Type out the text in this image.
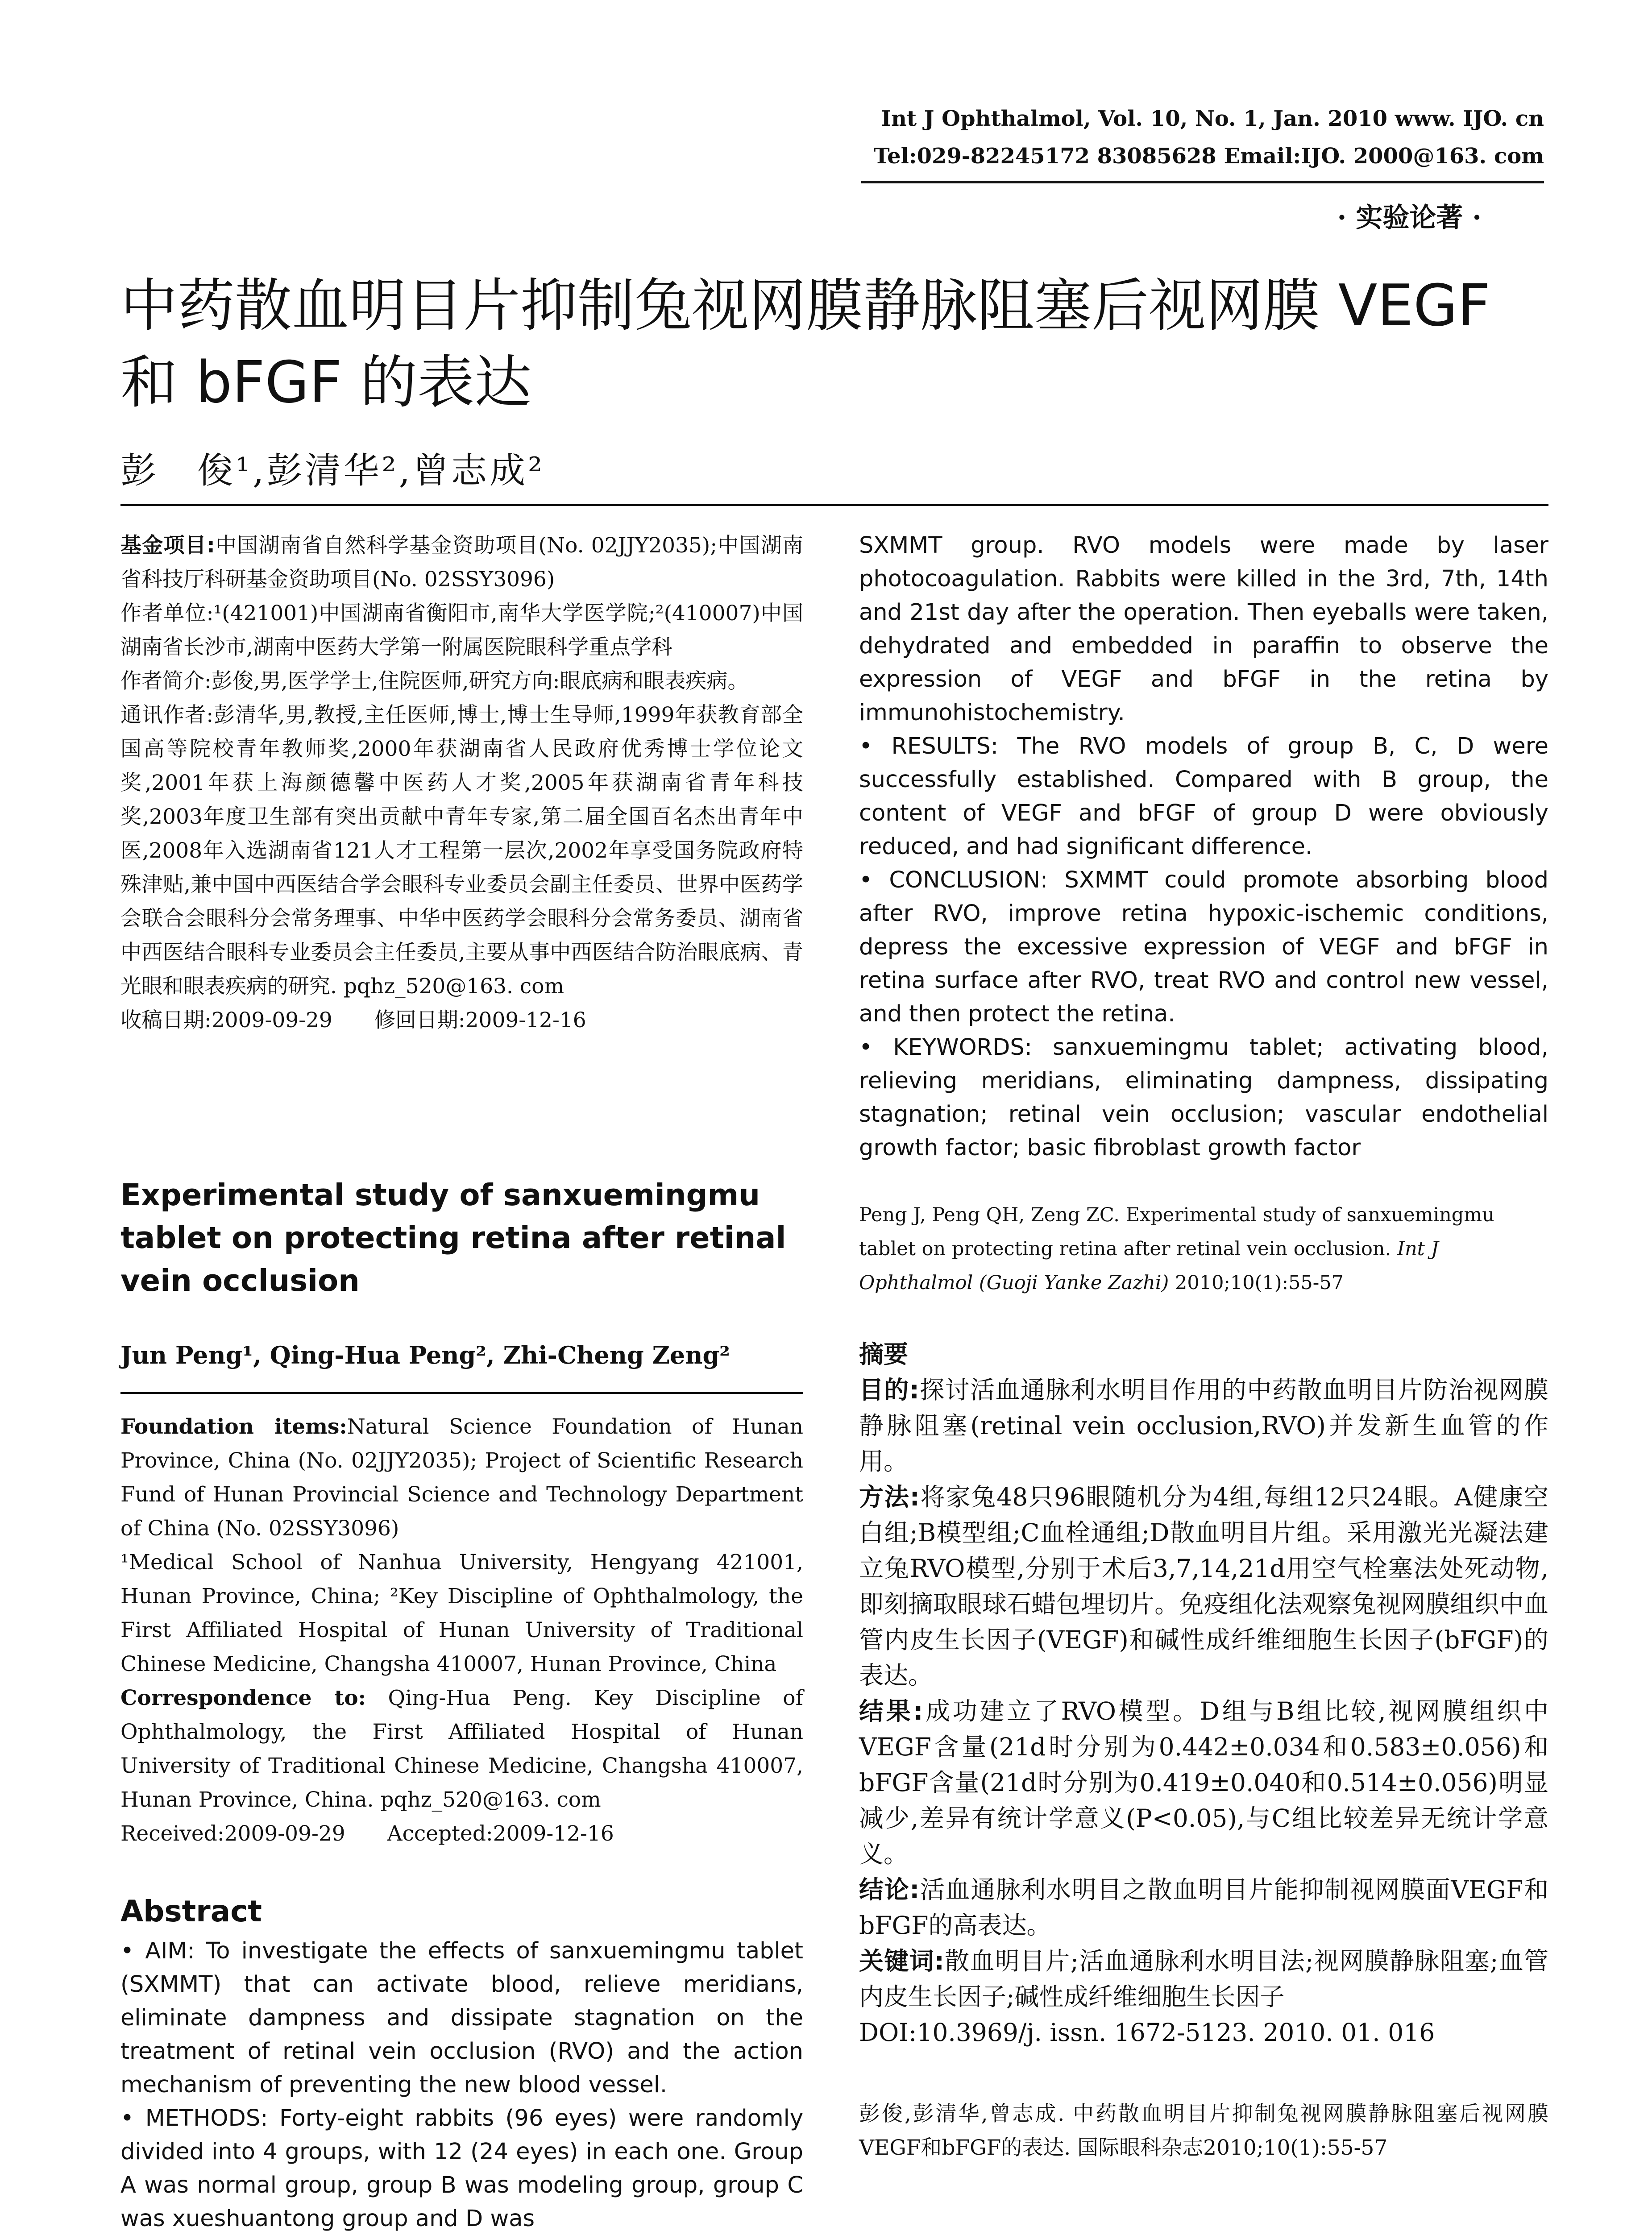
Int J Ophthalmol, Vol. 10, No. 1, Jan. 2010 www. IJO. cn
Tel:029-82245172 83085628 Email:IJO. 2000@163. com
· 实验论著 ·
中药散血明目片抑制兔视网膜静脉阻塞后视网膜 VEGF 和 bFGF 的表达
彭　俊¹,彭清华²,曾志成²

基金项目:中国湖南省自然科学基金资助项目(No. 02JJY2035);中国湖南省科技厅科研基金资助项目(No. 02SSY3096)

作者单位:¹(421001)中国湖南省衡阳市,南华大学医学院;²(410007)中国湖南省长沙市,湖南中医药大学第一附属医院眼科学重点学科

作者简介:彭俊,男,医学学士,住院医师,研究方向:眼底病和眼表疾病。

通讯作者:彭清华,男,教授,主任医师,博士,博士生导师,1999年获教育部全国高等院校青年教师奖,2000年获湖南省人民政府优秀博士学位论文奖,2001年获上海颜德馨中医药人才奖,2005年获湖南省青年科技奖,2003年度卫生部有突出贡献中青年专家,第二届全国百名杰出青年中医,2008年入选湖南省121人才工程第一层次,2002年享受国务院政府特殊津贴,兼中国中西医结合学会眼科专业委员会副主任委员、世界中医药学会联合会眼科分会常务理事、中华中医药学会眼科分会常务委员、湖南省中西医结合眼科专业委员会主任委员,主要从事中西医结合防治眼底病、青光眼和眼表疾病的研究. pqhz_520@163. com

收稿日期:2009-09-29　　修回日期:2009-12-16

Experimental study of sanxuemingmu tablet on protecting retina after retinal vein occlusion
Jun Peng¹, Qing-Hua Peng², Zhi-Cheng Zeng²

Foundation items:Natural Science Foundation of Hunan Province, China (No. 02JJY2035); Project of Scientific Research Fund of Hunan Provincial Science and Technology Department of China (No. 02SSY3096)

¹Medical School of Nanhua University, Hengyang 421001, Hunan Province, China; ²Key Discipline of Ophthalmology, the First Affiliated Hospital of Hunan University of Traditional Chinese Medicine, Changsha 410007, Hunan Province, China

Correspondence to: Qing-Hua Peng. Key Discipline of Ophthalmology, the First Affiliated Hospital of Hunan University of Traditional Chinese Medicine, Changsha 410007, Hunan Province, China. pqhz_520@163. com

Received:2009-09-29　　Accepted:2009-12-16

Abstract

• AIM: To investigate the effects of sanxuemingmu tablet (SXMMT) that can activate blood, relieve meridians, eliminate dampness and dissipate stagnation on the treatment of retinal vein occlusion (RVO) and the action mechanism of preventing the new blood vessel.

• METHODS: Forty-eight rabbits (96 eyes) were randomly divided into 4 groups, with 12 (24 eyes) in each one. Group A was normal group, group B was modeling group, group C was xueshuantong group and D was

SXMMT group. RVO models were made by laser photocoagulation. Rabbits were killed in the 3rd, 7th, 14th and 21st day after the operation. Then eyeballs were taken, dehydrated and embedded in paraffin to observe the expression of VEGF and bFGF in the retina by immunohistochemistry.

• RESULTS: The RVO models of group B, C, D were successfully established. Compared with B group, the content of VEGF and bFGF of group D were obviously reduced, and had significant difference.

• CONCLUSION: SXMMT could promote absorbing blood after RVO, improve retina hypoxic-ischemic conditions, depress the excessive expression of VEGF and bFGF in retina surface after RVO, treat RVO and control new vessel, and then protect the retina.

• KEYWORDS: sanxuemingmu tablet; activating blood, relieving meridians, eliminating dampness, dissipating stagnation; retinal vein occlusion; vascular endothelial growth factor; basic fibroblast growth factor

Peng J, Peng QH, Zeng ZC. Experimental study of sanxuemingmu tablet on protecting retina after retinal vein occlusion. Int J Ophthalmol (Guoji Yanke Zazhi) 2010;10(1):55-57

摘要

目的:探讨活血通脉利水明目作用的中药散血明目片防治视网膜静脉阻塞(retinal vein occlusion,RVO)并发新生血管的作用。

方法:将家兔48只96眼随机分为4组,每组12只24眼。A健康空白组;B模型组;C血栓通组;D散血明目片组。采用激光光凝法建立兔RVO模型,分别于术后3,7,14,21d用空气栓塞法处死动物,即刻摘取眼球石蜡包埋切片。免疫组化法观察兔视网膜组织中血管内皮生长因子(VEGF)和碱性成纤维细胞生长因子(bFGF)的表达。

结果:成功建立了RVO模型。D组与B组比较,视网膜组织中VEGF含量(21d时分别为0.442±0.034和0.583±0.056)和bFGF含量(21d时分别为0.419±0.040和0.514±0.056)明显减少,差异有统计学意义(P<0.05),与C组比较差异无统计学意义。

结论:活血通脉利水明目之散血明目片能抑制视网膜面VEGF和bFGF的高表达。

关键词:散血明目片;活血通脉利水明目法;视网膜静脉阻塞;血管内皮生长因子;碱性成纤维细胞生长因子

DOI:10.3969/j. issn. 1672-5123. 2010. 01. 016

彭俊,彭清华,曾志成. 中药散血明目片抑制兔视网膜静脉阻塞后视网膜VEGF和bFGF的表达. 国际眼科杂志2010;10(1):55-57
